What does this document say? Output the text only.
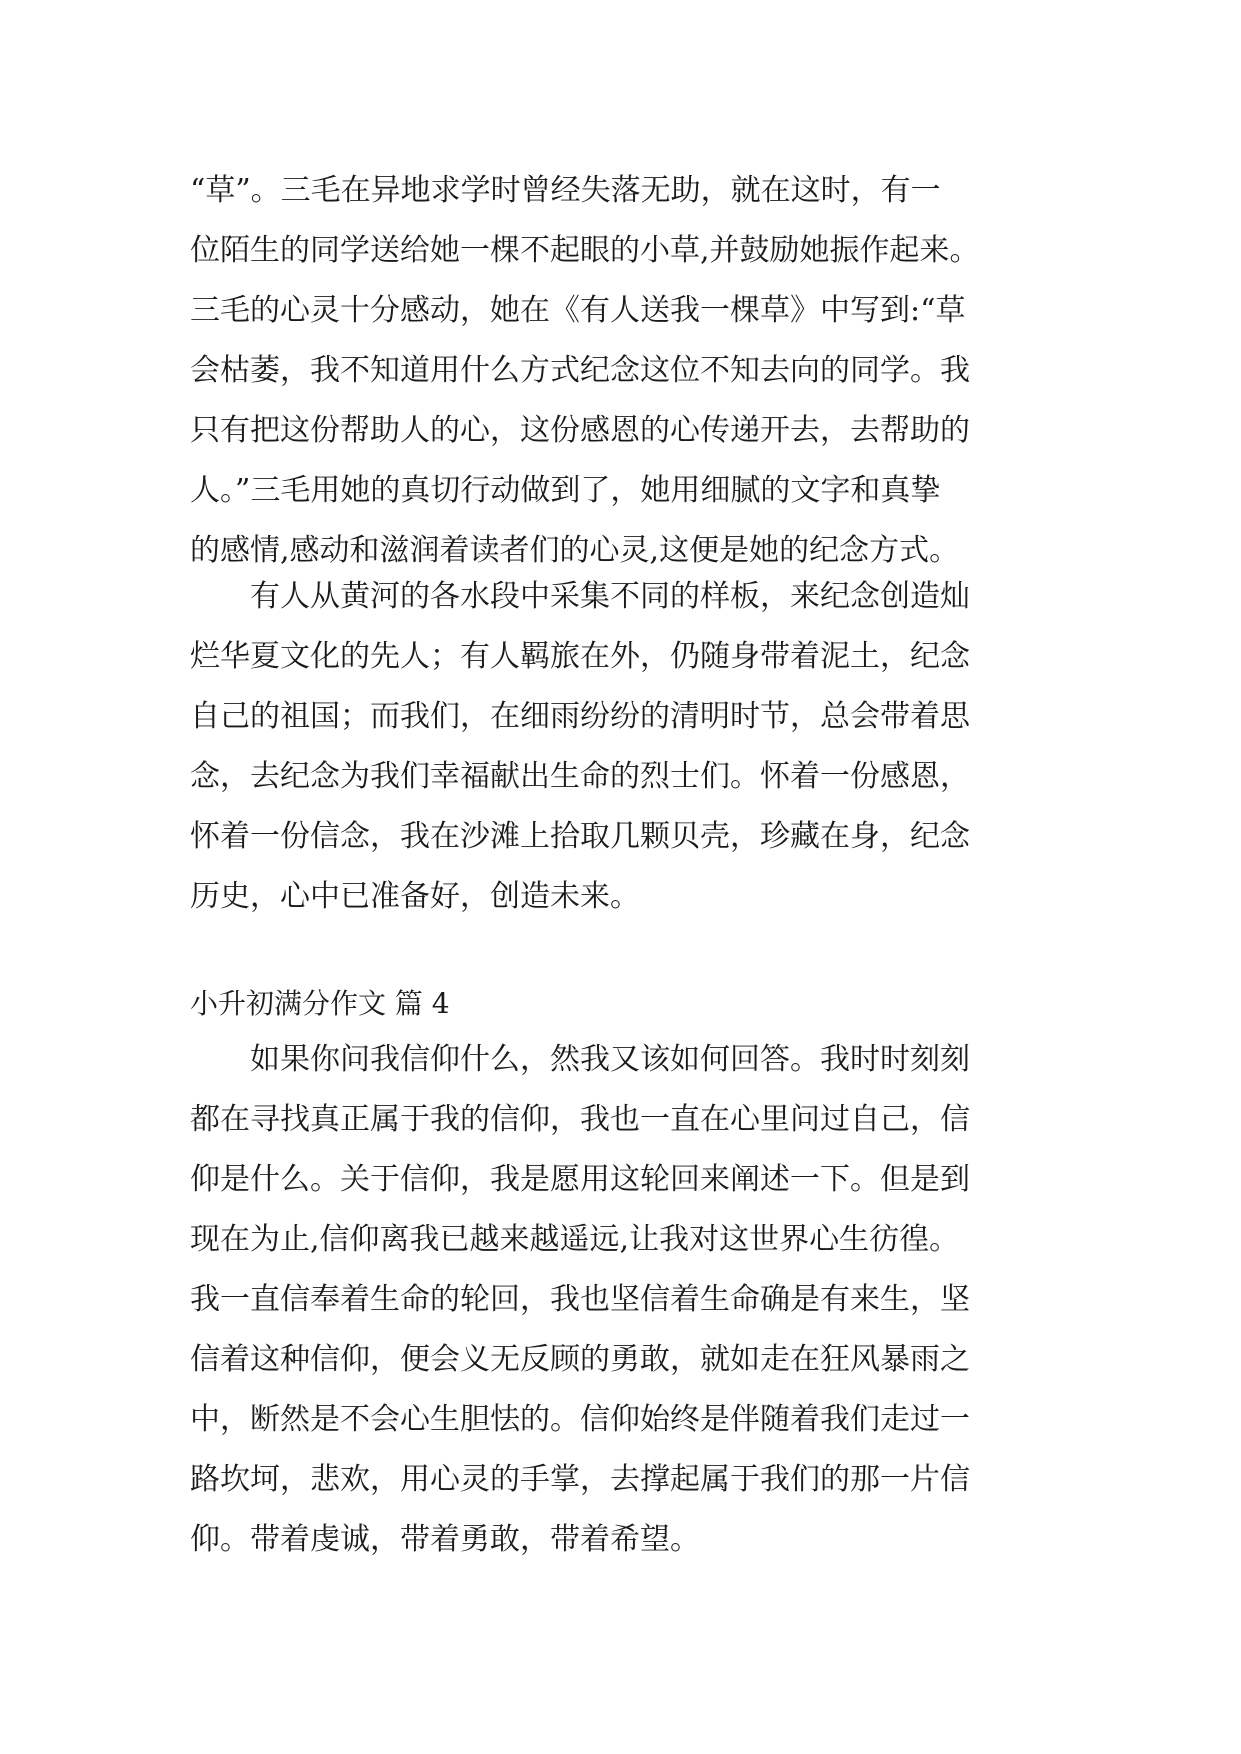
“草”。三毛在异地求学时曾经失落无助，就在这时，有一
位陌生的同学送给她一棵不起眼的小草,并鼓励她振作起来。
三毛的心灵十分感动，她在《有人送我一棵草》中写到:“草
会枯萎，我不知道用什么方式纪念这位不知去向的同学。我
只有把这份帮助人的心，这份感恩的心传递开去，去帮助的
人。”三毛用她的真切行动做到了，她用细腻的文字和真挚
的感情,感动和滋润着读者们的心灵,这便是她的纪念方式。
　　有人从黄河的各水段中采集不同的样板，来纪念创造灿
烂华夏文化的先人；有人羁旅在外，仍随身带着泥土，纪念
自己的祖国；而我们，在细雨纷纷的清明时节，总会带着思
念，去纪念为我们幸福献出生命的烈士们。怀着一份感恩，
怀着一份信念，我在沙滩上拾取几颗贝壳，珍藏在身，纪念
历史，心中已准备好，创造未来。
小升初满分作文 篇 4
　　如果你问我信仰什么，然我又该如何回答。我时时刻刻
都在寻找真正属于我的信仰，我也一直在心里问过自己，信
仰是什么。关于信仰，我是愿用这轮回来阐述一下。但是到
现在为止,信仰离我已越来越遥远,让我对这世界心生彷徨。
我一直信奉着生命的轮回，我也坚信着生命确是有来生，坚
信着这种信仰，便会义无反顾的勇敢，就如走在狂风暴雨之
中，断然是不会心生胆怯的。信仰始终是伴随着我们走过一
路坎坷，悲欢，用心灵的手掌，去撑起属于我们的那一片信
仰。带着虔诚，带着勇敢，带着希望。
